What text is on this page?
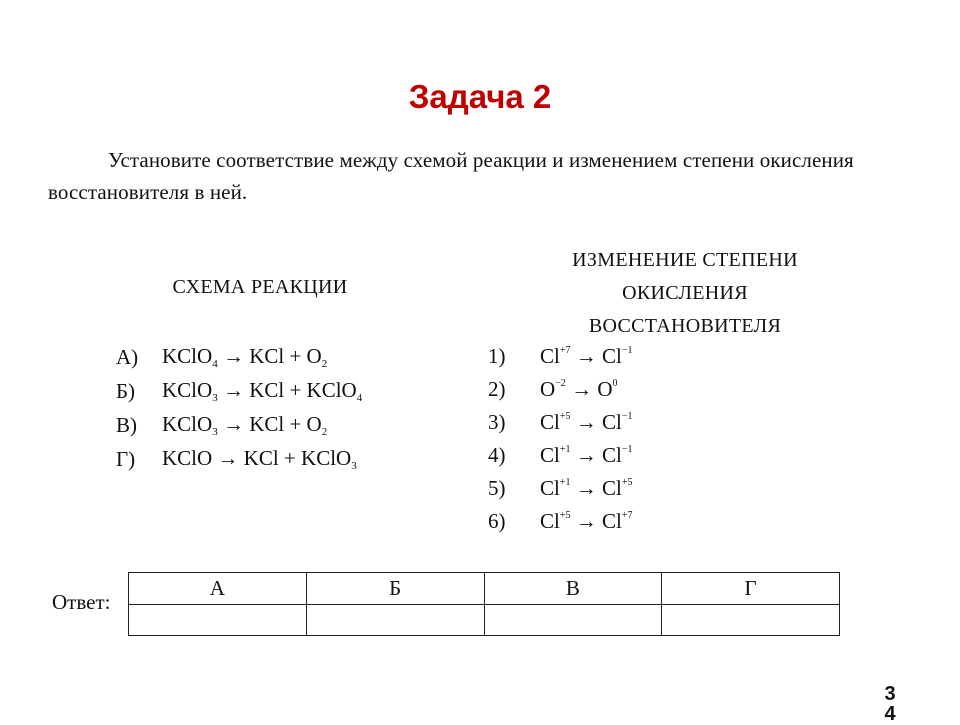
Задача 2
Установите соответствие между схемой реакции и изменением степени окисления восстановителя в ней.
СХЕМА РЕАКЦИИ
ИЗМЕНЕНИЕ СТЕПЕНИ
ОКИСЛЕНИЯ
ВОССТАНОВИТЕЛЯ
А)	KClO$_4$ → KCl + $O_2$
Б)	KClO$_3$ → KCl + KClO$_4$
В)	KClO$_3$ → KCl + $O_2$
Г)	KClO → KCl + KClO$_3$
1)	$Cl^{+7} \to Cl^{-1}$
2)	$O^{-2} \to O^0$
3)	$Cl^{+5} \to Cl^{-1}$
4)	$Cl^{+1} \to Cl^{-1}$
5)	$Cl^{+1} \to Cl^{+5}$
6)	$Cl^{+5} \to Cl^{+7}$
Ответ:
А	Б	В	Г

3
4
